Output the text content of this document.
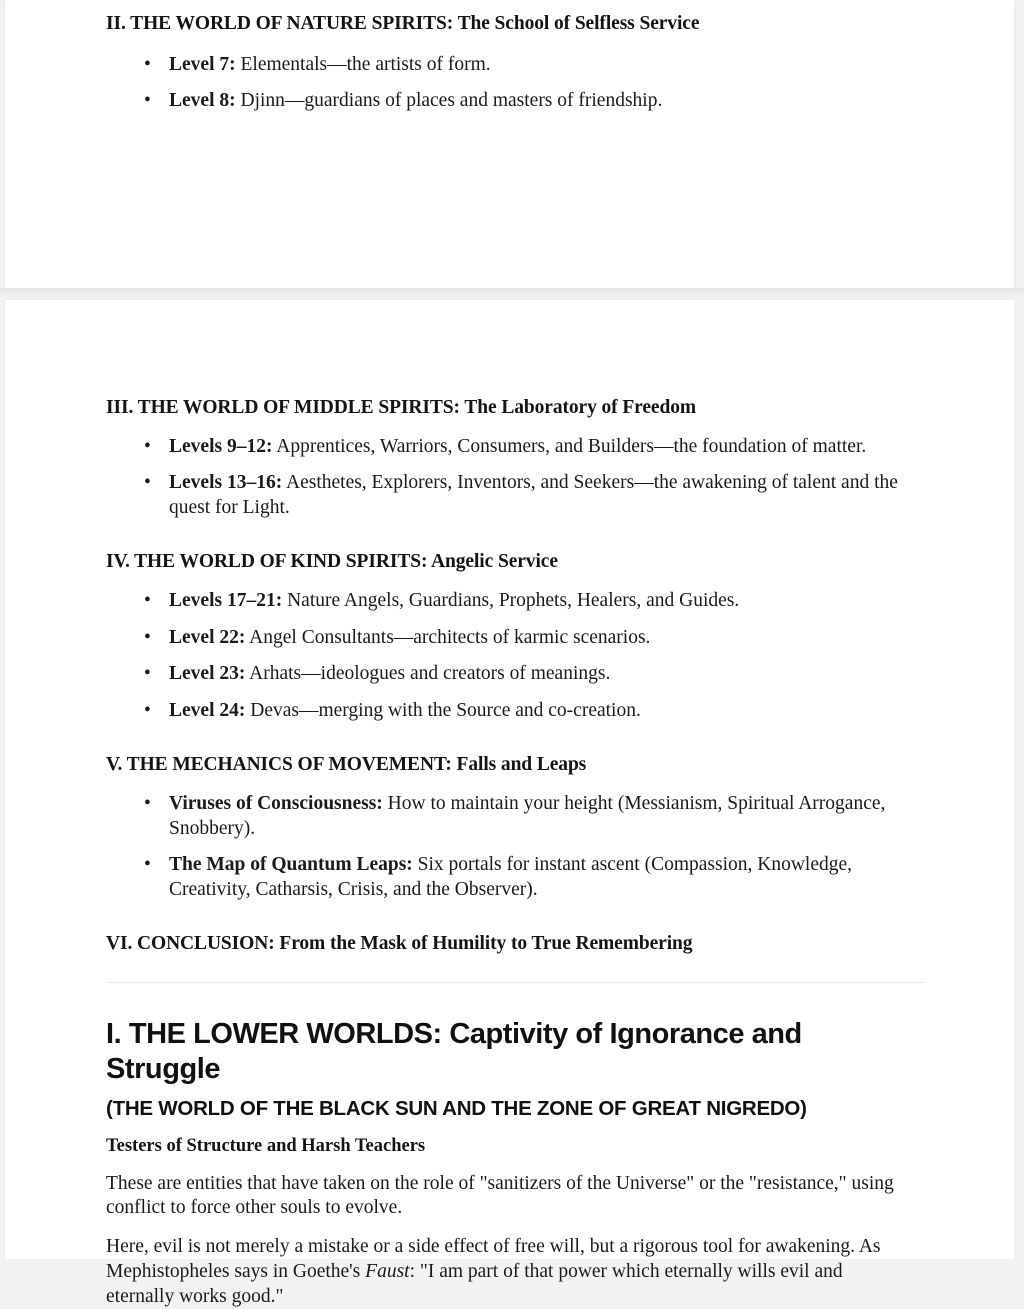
II. THE WORLD OF NATURE SPIRITS: The School of Selfless Service
• Level 7: Elementals—the artists of form.
• Level 8: Djinn—guardians of places and masters of friendship.
III. THE WORLD OF MIDDLE SPIRITS: The Laboratory of Freedom
• Levels 9–12: Apprentices, Warriors, Consumers, and Builders—the foundation of matter.
• Levels 13–16: Aesthetes, Explorers, Inventors, and Seekers—the awakening of talent and the quest for Light.
IV. THE WORLD OF KIND SPIRITS: Angelic Service
• Levels 17–21: Nature Angels, Guardians, Prophets, Healers, and Guides.
• Level 22: Angel Consultants—architects of karmic scenarios.
• Level 23: Arhats—ideologues and creators of meanings.
• Level 24: Devas—merging with the Source and co-creation.
V. THE MECHANICS OF MOVEMENT: Falls and Leaps
• Viruses of Consciousness: How to maintain your height (Messianism, Spiritual Arrogance, Snobbery).
• The Map of Quantum Leaps: Six portals for instant ascent (Compassion, Knowledge, Creativity, Catharsis, Crisis, and the Observer).
VI. CONCLUSION: From the Mask of Humility to True Remembering
I. THE LOWER WORLDS: Captivity of Ignorance and Struggle
(THE WORLD OF THE BLACK SUN AND THE ZONE OF GREAT NIGREDO)
Testers of Structure and Harsh Teachers

These are entities that have taken on the role of "sanitizers of the Universe" or the "resistance," using conflict to force other souls to evolve.

Here, evil is not merely a mistake or a side effect of free will, but a rigorous tool for awakening. As Mephistopheles says in Goethe's Faust: "I am part of that power which eternally wills evil and eternally works good."
